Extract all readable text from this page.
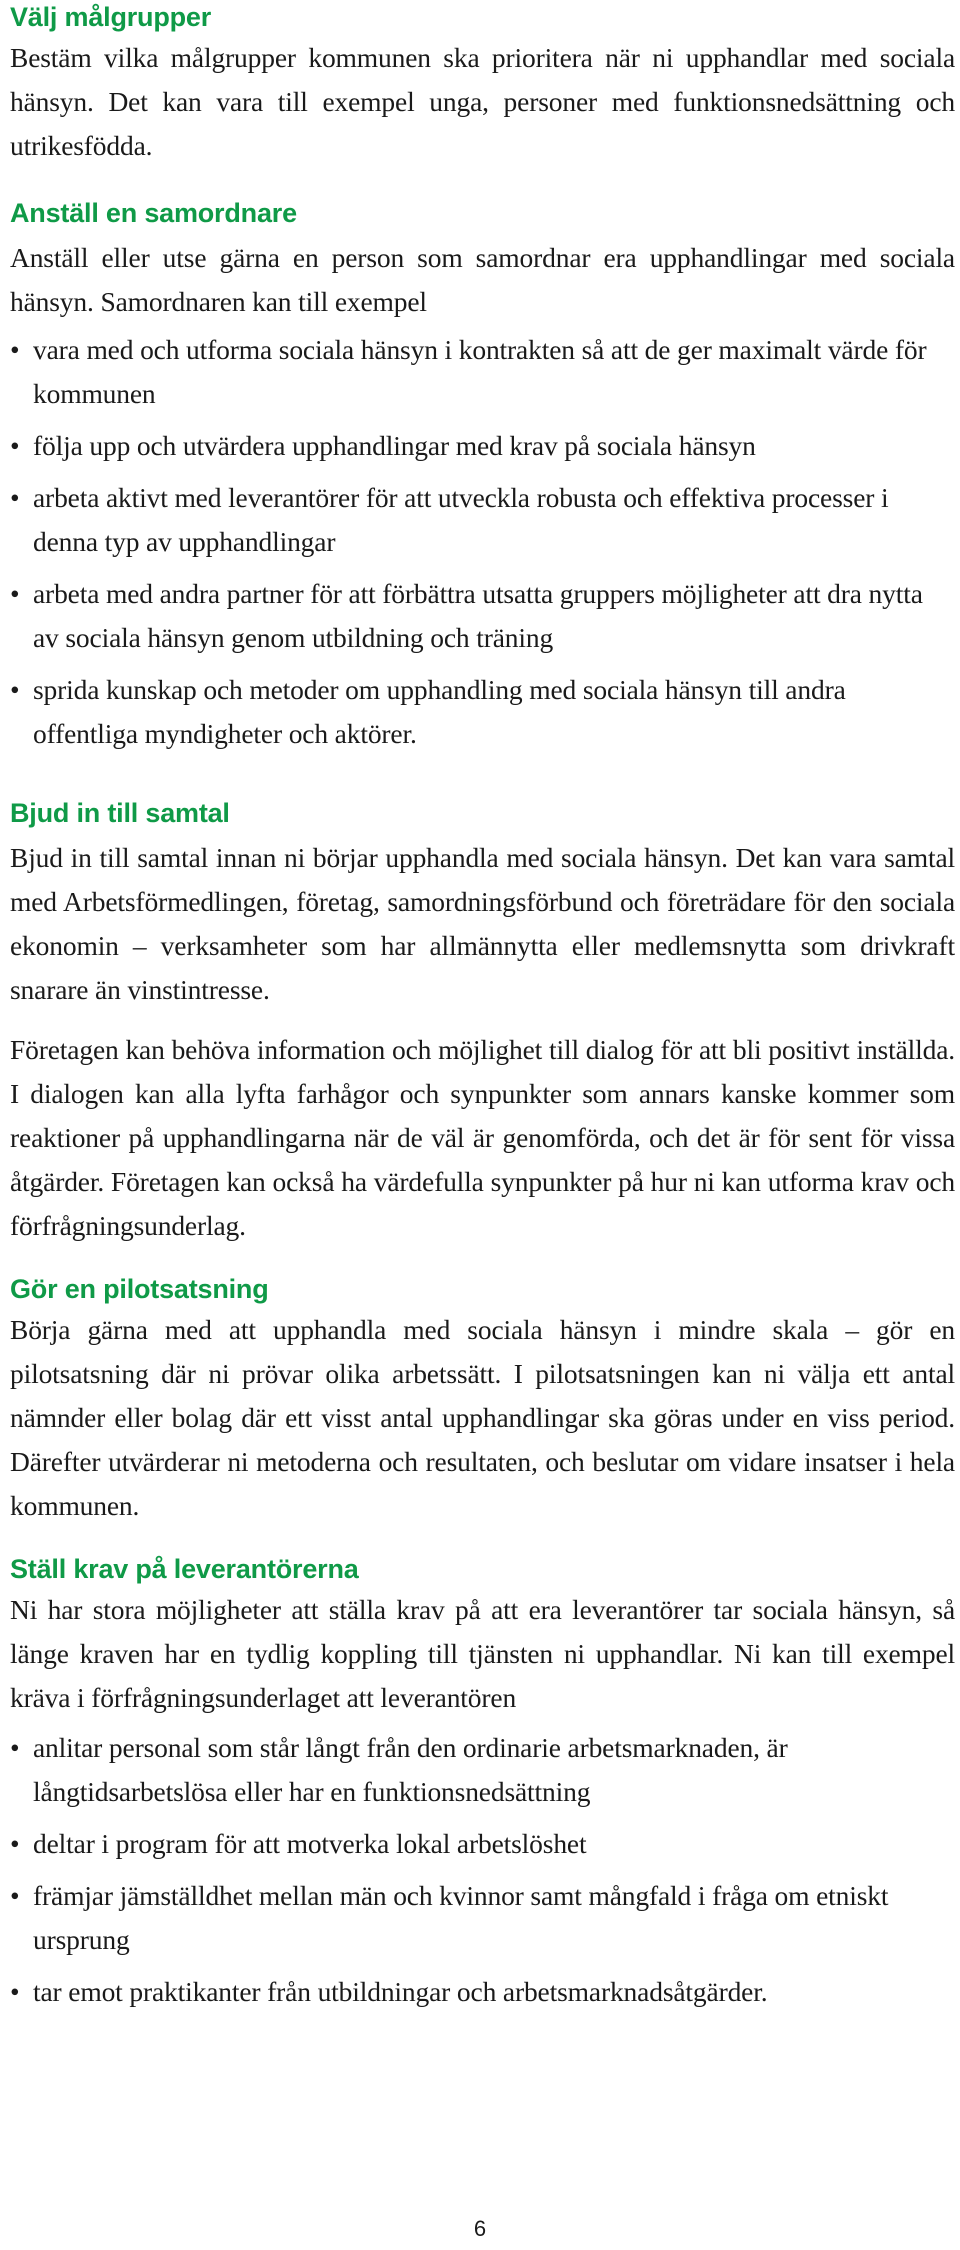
Välj målgrupper

Bestäm vilka målgrupper kommunen ska prioritera när ni upphandlar med sociala hänsyn. Det kan vara till exempel unga, personer med funktionsnedsättning och utrikesfödda.

Anställ en samordnare

Anställ eller utse gärna en person som samordnar era upphandlingar med sociala hänsyn. Samordnaren kan till exempel

• vara med och utforma sociala hänsyn i kontrakten så att de ger maximalt värde för kommunen
• följa upp och utvärdera upphandlingar med krav på sociala hänsyn
• arbeta aktivt med leverantörer för att utveckla robusta och effektiva processer i denna typ av upphandlingar
• arbeta med andra partner för att förbättra utsatta gruppers möjligheter att dra nytta av sociala hänsyn genom utbildning och träning
• sprida kunskap och metoder om upphandling med sociala hänsyn till andra offentliga myndigheter och aktörer.
Bjud in till samtal

Bjud in till samtal innan ni börjar upphandla med sociala hänsyn. Det kan vara samtal med Arbetsförmedlingen, företag, samordningsförbund och företrädare för den sociala ekonomin – verksamheter som har allmännytta eller medlemsnytta som drivkraft snarare än vinstintresse.

Företagen kan behöva information och möjlighet till dialog för att bli positivt inställda. I dialogen kan alla lyfta farhågor och synpunkter som annars kanske kommer som reaktioner på upphandlingarna när de väl är genomförda, och det är för sent för vissa åtgärder. Företagen kan också ha värdefulla synpunkter på hur ni kan utforma krav och förfrågningsunderlag.

Gör en pilotsatsning

Börja gärna med att upphandla med sociala hänsyn i mindre skala – gör en pilotsatsning där ni prövar olika arbetssätt. I pilotsatsningen kan ni välja ett antal nämnder eller bolag där ett visst antal upphandlingar ska göras under en viss period. Därefter utvärderar ni metoderna och resultaten, och beslutar om vidare insatser i hela kommunen.

Ställ krav på leverantörerna

Ni har stora möjligheter att ställa krav på att era leverantörer tar sociala hänsyn, så länge kraven har en tydlig koppling till tjänsten ni upphandlar. Ni kan till exempel kräva i förfrågningsunderlaget att leverantören

• anlitar personal som står långt från den ordinarie arbetsmarknaden, är långtidsarbetslösa eller har en funktionsnedsättning
• deltar i program för att motverka lokal arbetslöshet
• främjar jämställdhet mellan män och kvinnor samt mångfald i fråga om etniskt ursprung
• tar emot praktikanter från utbildningar och arbetsmarknadsåtgärder.
6
